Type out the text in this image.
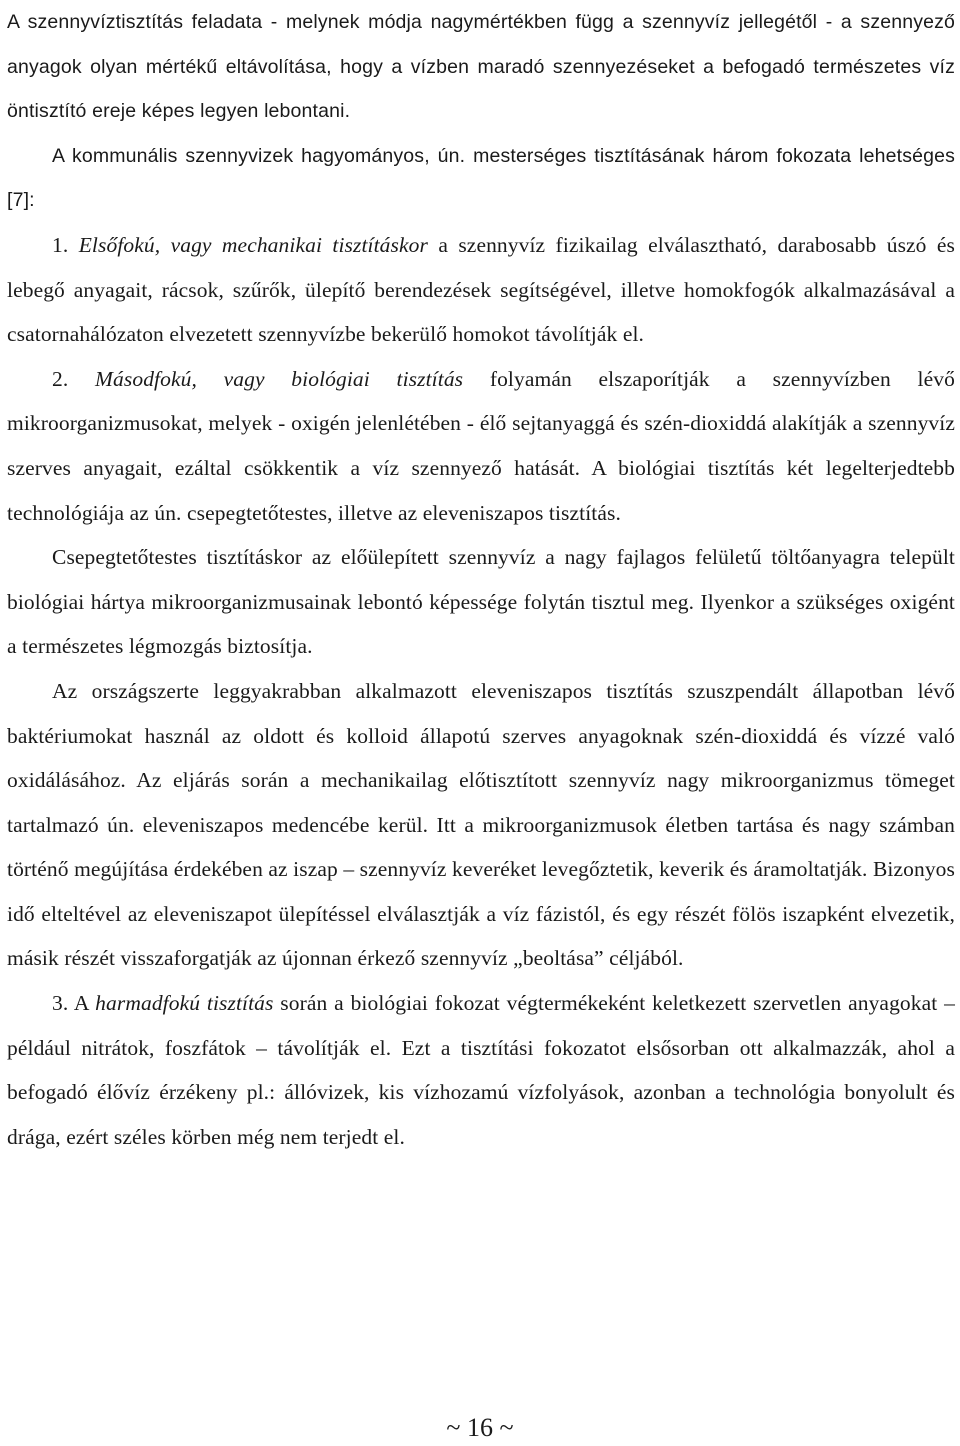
A szennyvíztisztítás feladata - melynek módja nagymértékben függ a szennyvíz jellegétől - a szennyező anyagok olyan mértékű eltávolítása, hogy a vízben maradó szennyezéseket a befogadó természetes víz öntisztító ereje képes legyen lebontani.

A kommunális szennyvizek hagyományos, ún. mesterséges tisztításának három fokozata lehetséges [7]:

1. Elsőfokú, vagy mechanikai tisztításkor a szennyvíz fizikailag elválasztható, darabosabb úszó és lebegő anyagait, rácsok, szűrők, ülepítő berendezések segítségével, illetve homokfogók alkalmazásával a csatornahálózaton elvezetett szennyvízbe bekerülő homokot távolítják el.

2. Másodfokú, vagy biológiai tisztítás folyamán elszaporítják a szennyvízben lévő mikroorganizmusokat, melyek - oxigén jelenlétében - élő sejtanyaggá és szén-dioxiddá alakítják a szennyvíz szerves anyagait, ezáltal csökkentik a víz szennyező hatását. A biológiai tisztítás két legelterjedtebb technológiája az ún. csepegtetőtestes, illetve az eleveniszapos tisztítás.

Csepegtetőtestes tisztításkor az előülepített szennyvíz a nagy fajlagos felületű töltőanyagra települt biológiai hártya mikroorganizmusainak lebontó képessége folytán tisztul meg. Ilyenkor a szükséges oxigént a természetes légmozgás biztosítja.

Az országszerte leggyakrabban alkalmazott eleveniszapos tisztítás szuszpendált állapotban lévő baktériumokat használ az oldott és kolloid állapotú szerves anyagoknak szén-dioxiddá és vízzé való oxidálásához. Az eljárás során a mechanikailag előtisztított szennyvíz nagy mikroorganizmus tömeget tartalmazó ún. eleveniszapos medencébe kerül. Itt a mikroorganizmusok életben tartása és nagy számban történő megújítása érdekében az iszap – szennyvíz keveréket levegőztetik, keverik és áramoltatják. Bizonyos idő elteltével az eleveniszapot ülepítéssel elválasztják a víz fázistól, és egy részét fölös iszapként elvezetik, másik részét visszaforgatják az újonnan érkező szennyvíz „beoltása” céljából.

3. A harmadfokú tisztítás során a biológiai fokozat végtermékeként keletkezett szervetlen anyagokat – például nitrátok, foszfátok – távolítják el. Ezt a tisztítási fokozatot elsősorban ott alkalmazzák, ahol a befogadó élővíz érzékeny pl.: állóvizek, kis vízhozamú vízfolyások, azonban a technológia bonyolult és drága, ezért széles körben még nem terjedt el.

~ 16 ~
